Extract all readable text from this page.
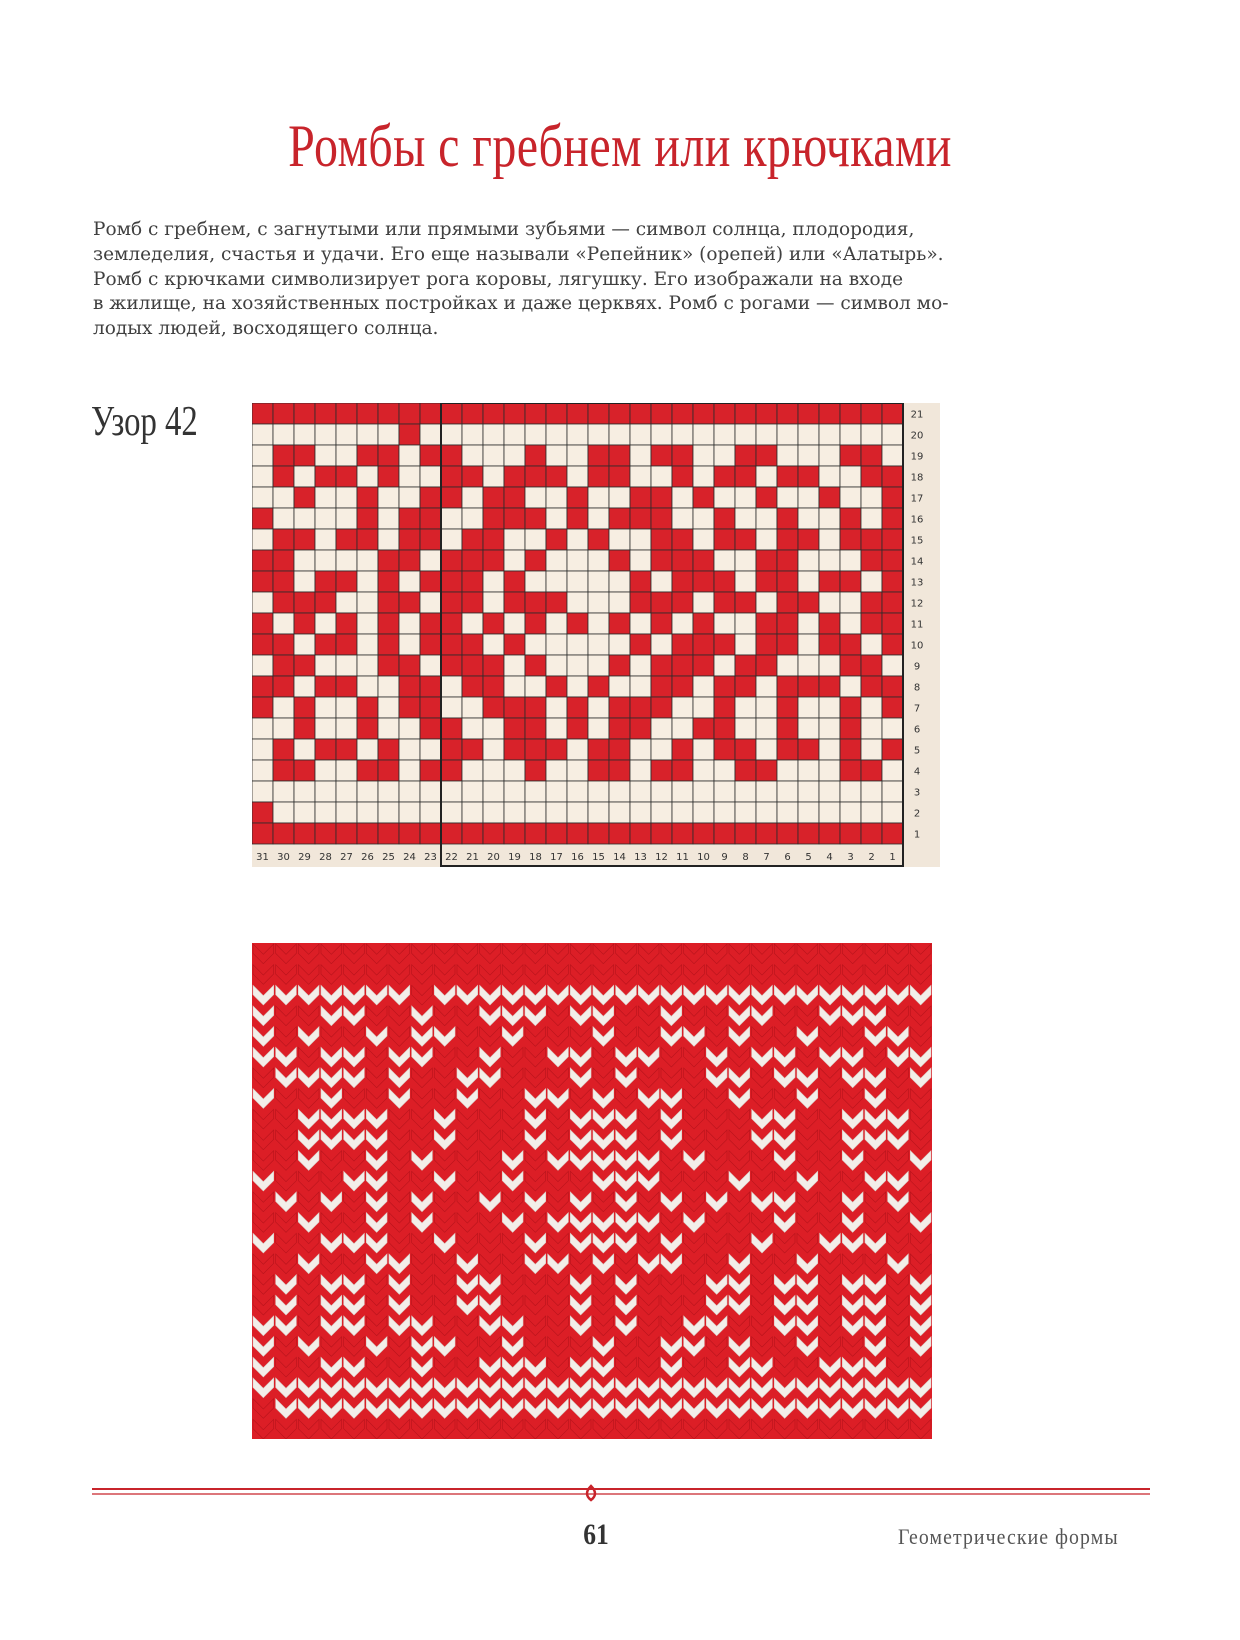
Ромбы с гребнем или крючками
Ромб с гребнем, с загнутыми или прямыми зубьями — символ солнца, плодородия,
земледелия, счастья и удачи. Его еще называли «Репейник» (орепей) или «Алатырь».
Ромб с крючками символизирует рога коровы, лягушку. Его изображали на входе
в жилище, на хозяйственных постройках и даже церквях. Ромб с рогами — символ мо-
лодых людей, восходящего солнца.
Узор 42	21
20
19
18
17
16
15
14
13
12
11
10
9
8
7
6
5
4
3
2
1
31 30 29 28 27 26 25 24 23 22 21 20 19 18 17 16 15 14 13 12 11 10 9 8 7 6 5 4 3 2 1
61	Геометрические формы
